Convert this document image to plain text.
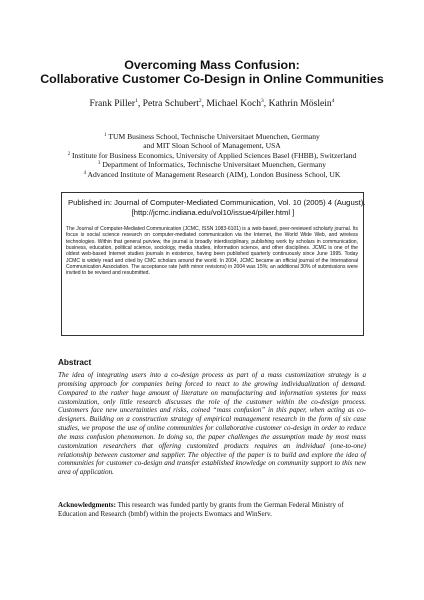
Overcoming Mass Confusion:
Collaborative Customer Co-Design in Online Communities
Frank Piller$^1$, Petra Schubert$^2$, Michael Koch$^3$, Kathrin Möslein$^4$
$^1$ TUM Business School, Technische Universitaet Muenchen, Germany
and MIT Sloan School of Management, USA
$^2$ Institute for Business Economics, University of Applied Sciences Basel (FHBB), Switzerland
$^3$ Department of Informatics, Technische Universitaet Muenchen, Germany
$^4$ Advanced Institute of Management Research (AIM), London Business School, UK
Published in: Journal of Computer-Mediated Communication, Vol. 10 (2005) 4 (August).
[http://jcmc.indiana.edu/vol10/issue4/piller.html ]
The Journal of Computer-Mediated Communication (JCMC, ISSN 1083-6101) is a web-based, peer-reviewed scholarly journal. Its focus is social science research on computer-mediated communication via the Internet, the World Wide Web, and wireless technologies. Within that general purview, the journal is broadly interdisciplinary, publishing work by scholars in communication, business, education, political science, sociology, media studies, information science, and other disciplines. JCMC is one of the oldest web-based Internet studies journals in existence, having been published quarterly continuously since June 1995. Today JCMC is widely read and cited by CMC scholars around the world. In 2004, JCMC became an official journal of the International Communication Association. The acceptance rate (with minor revisions) in 2004 was 15%; an additional 30% of submissions were invited to be revised and resubmitted.
Abstract
The idea of integrating users into a co-design process as part of a mass customization strategy is a promising approach for companies being forced to react to the growing individualization of demand. Compared to the rather huge amount of literature on manufacturing and information systems for mass customization, only little research discusses the role of the customer within the co-design process. Customers face new uncertainties and risks, coined “mass confusion” in this paper, when acting as co-designers. Building on a construction strategy of empirical management research in the form of six case studies, we propose the use of online communities for collaborative customer co-design in order to reduce the mass confusion phenomenon. In doing so, the paper challenges the assumption made by most mass customization researchers that offering customized products requires an individual (one-to-one) relationship between customer and supplier. The objective of the paper is to build and explore the idea of communities for customer co-design and transfer established knowledge on community support to this new area of application.
Acknowledgments: This research was funded partly by grants from the German Federal Ministry of Education and Research (bmbf) within the projects Ewomacs and WinServ.
